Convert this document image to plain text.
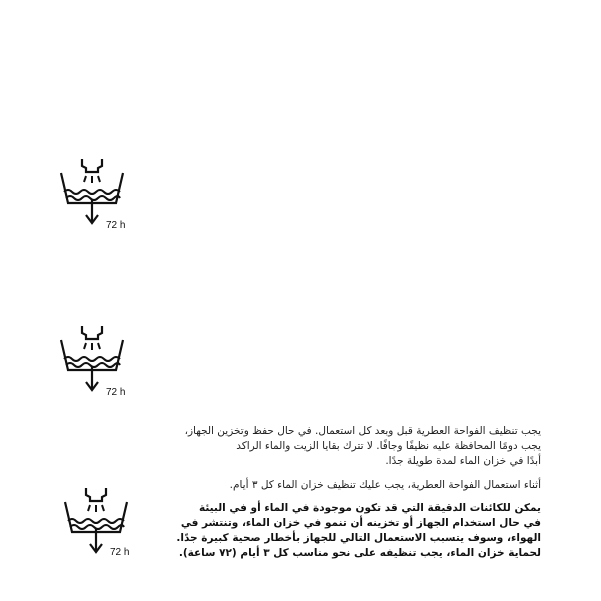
72 h
72 h
72 h

يجب تنظيف الفواحة العطرية قبل وبعد كل استعمال. في حال حفظ وتخزين الجهاز،

يجب دومًا المحافظة عليه نظيفًا وجافًا. لا تترك بقايا الزيت والماء الراكد

أبدًا في خزان الماء لمدة طويلة جدًا.

أثناء استعمال الفواحة العطرية، يجب عليك تنظيف خزان الماء كل ٣ أيام.

يمكن للكائنات الدقيقة التي قد تكون موجودة في الماء أو في البيئة

في حال استخدام الجهاز أو تخزينه أن تنمو في خزان الماء، وتنتشر في

الهواء، وسوف يتسبب الاستعمال التالي للجهاز بأخطار صحية كبيرة جدًا.

لحماية خزان الماء، يجب تنظيفه على نحو مناسب كل ٣ أيام (٧٢ ساعة).
